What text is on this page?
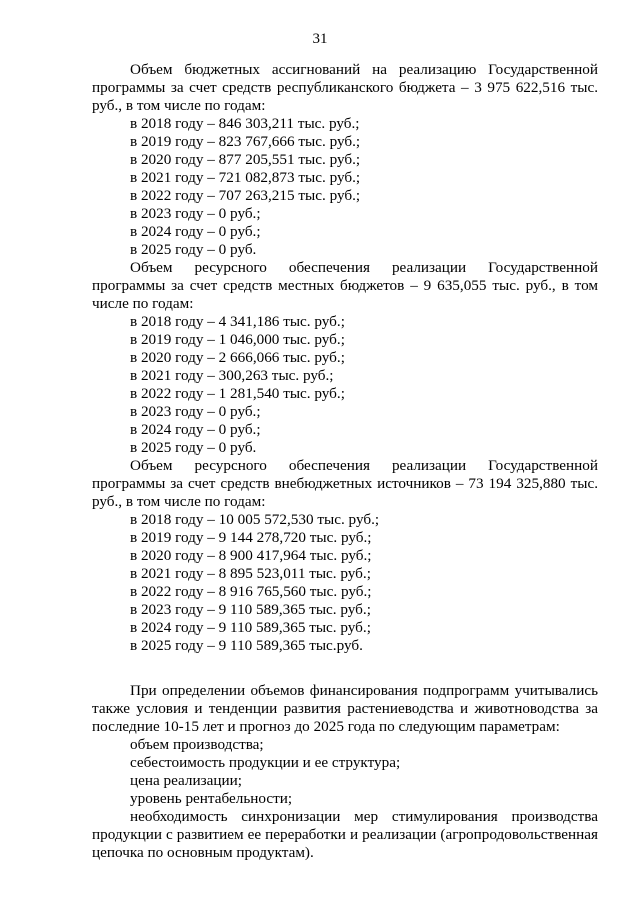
31

Объем бюджетных ассигнований на реализацию Государственной программы за счет средств республиканского бюджета – 3 975 622,516 тыс. руб., в том числе по годам:

в 2018 году – 846 303,211 тыс. руб.;

в 2019 году – 823 767,666 тыс. руб.;

в 2020 году – 877 205,551 тыс. руб.;

в 2021 году – 721 082,873 тыс. руб.;

в 2022 году – 707 263,215 тыс. руб.;

в 2023 году – 0 руб.;

в 2024 году – 0 руб.;

в 2025 году – 0 руб.

Объем ресурсного обеспечения реализации Государственной программы за счет средств местных бюджетов – 9 635,055 тыс. руб., в том числе по годам:

в 2018 году – 4 341,186 тыс. руб.;

в 2019 году – 1 046,000 тыс. руб.;

в 2020 году – 2 666,066 тыс. руб.;

в 2021 году – 300,263 тыс. руб.;

в 2022 году – 1 281,540 тыс. руб.;

в 2023 году – 0 руб.;

в 2024 году – 0 руб.;

в 2025 году – 0 руб.

Объем ресурсного обеспечения реализации Государственной программы за счет средств внебюджетных источников – 73 194 325,880 тыс. руб., в том числе по годам:

в 2018 году – 10 005 572,530 тыс. руб.;

в 2019 году – 9 144 278,720 тыс. руб.;

в 2020 году – 8 900 417,964 тыс. руб.;

в 2021 году – 8 895 523,011 тыс. руб.;

в 2022 году – 8 916 765,560 тыс. руб.;

в 2023 году – 9 110 589,365 тыс. руб.;

в 2024 году – 9 110 589,365 тыс. руб.;

в 2025 году – 9 110 589,365 тыс.руб.

При определении объемов финансирования подпрограмм учитывались также условия и тенденции развития растениеводства и животноводства за последние 10-15 лет и прогноз до 2025 года по следующим параметрам:

объем производства;

себестоимость продукции и ее структура;

цена реализации;

уровень рентабельности;

необходимость синхронизации мер стимулирования производства продукции с развитием ее переработки и реализации (агропродовольственная цепочка по основным продуктам).
